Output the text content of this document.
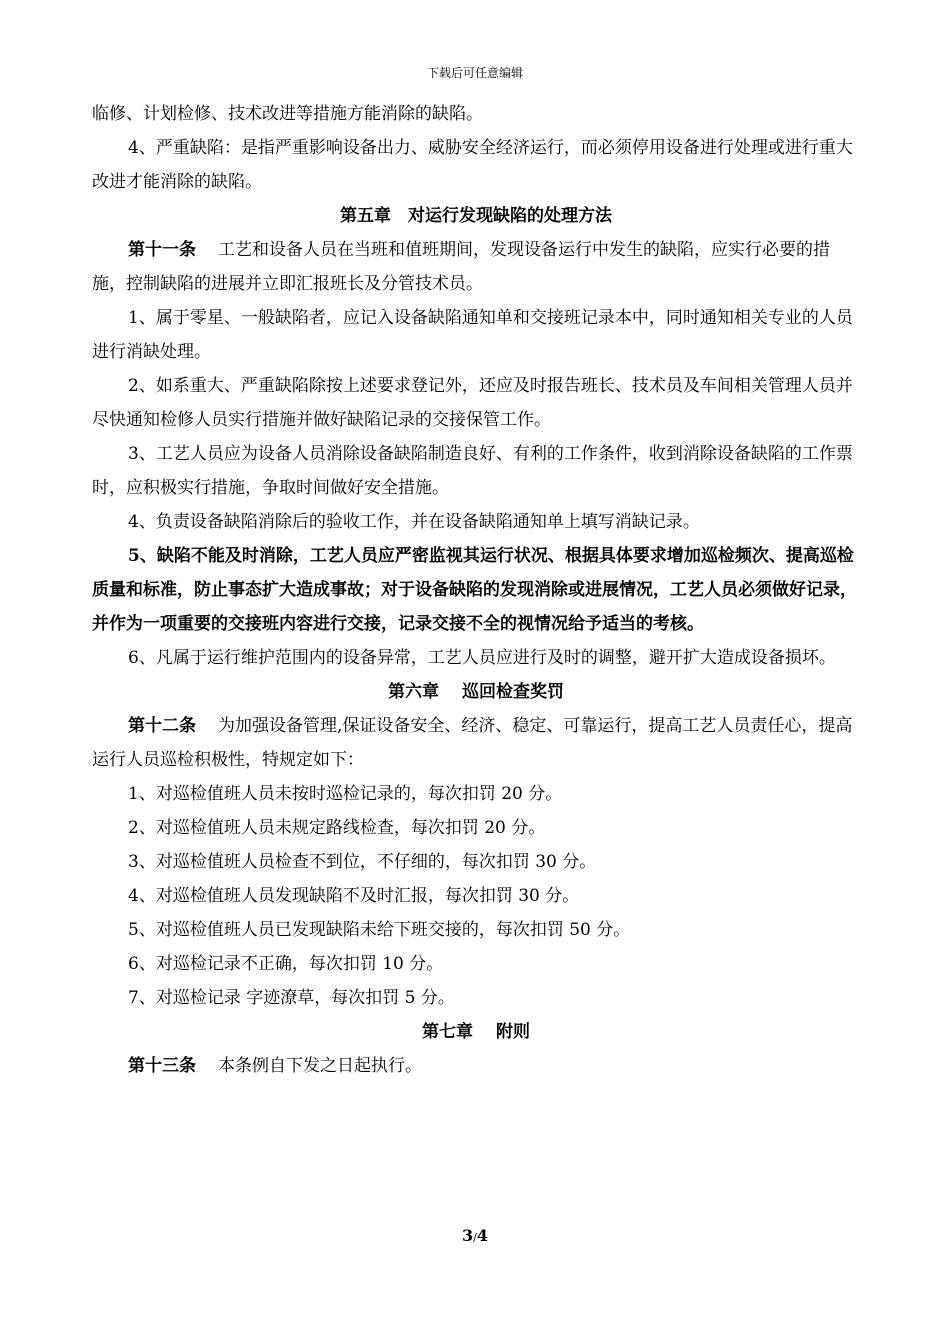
下载后可任意编辑

临修、计划检修、技术改进等措施方能消除的缺陷。

4、严重缺陷：是指严重影响设备出力、威胁安全经济运行，而必须停用设备进行处理或进行重大改进才能消除的缺陷。

第五章　对运行发现缺陷的处理方法

第十一条 工艺和设备人员在当班和值班期间，发现设备运行中发生的缺陷，应实行必要的措施，控制缺陷的进展并立即汇报班长及分管技术员。

1、属于零星、一般缺陷者，应记入设备缺陷通知单和交接班记录本中，同时通知相关专业的人员进行消缺处理。

2、如系重大、严重缺陷除按上述要求登记外，还应及时报告班长、技术员及车间相关管理人员并尽快通知检修人员实行措施并做好缺陷记录的交接保管工作。

3、工艺人员应为设备人员消除设备缺陷制造良好、有利的工作条件，收到消除设备缺陷的工作票时，应积极实行措施，争取时间做好安全措施。

4、负责设备缺陷消除后的验收工作，并在设备缺陷通知单上填写消缺记录。

5、缺陷不能及时消除，工艺人员应严密监视其运行状况、根据具体要求增加巡检频次、提高巡检质量和标准，防止事态扩大造成事故；对于设备缺陷的发现消除或进展情况，工艺人员必须做好记录，并作为一项重要的交接班内容进行交接，记录交接不全的视情况给予适当的考核。

6、凡属于运行维护范围内的设备异常，工艺人员应进行及时的调整，避开扩大造成设备损坏。

第六章　 巡回检查奖罚

第十二条 为加强设备管理,保证设备安全、经济、稳定、可靠运行，提高工艺人员责任心，提高运行人员巡检积极性，特规定如下：

1、对巡检值班人员未按时巡检记录的，每次扣罚 20 分。

2、对巡检值班人员未规定路线检查，每次扣罚 20 分。

3、对巡检值班人员检查不到位，不仔细的，每次扣罚 30 分。

4、对巡检值班人员发现缺陷不及时汇报，每次扣罚 30 分。

5、对巡检值班人员已发现缺陷未给下班交接的，每次扣罚 50 分。

6、对巡检记录不正确，每次扣罚 10 分。

7、对巡检记录 字迹潦草，每次扣罚 5 分。

第七章　 附则

第十三条 本条例自下发之日起执行。

3/4
